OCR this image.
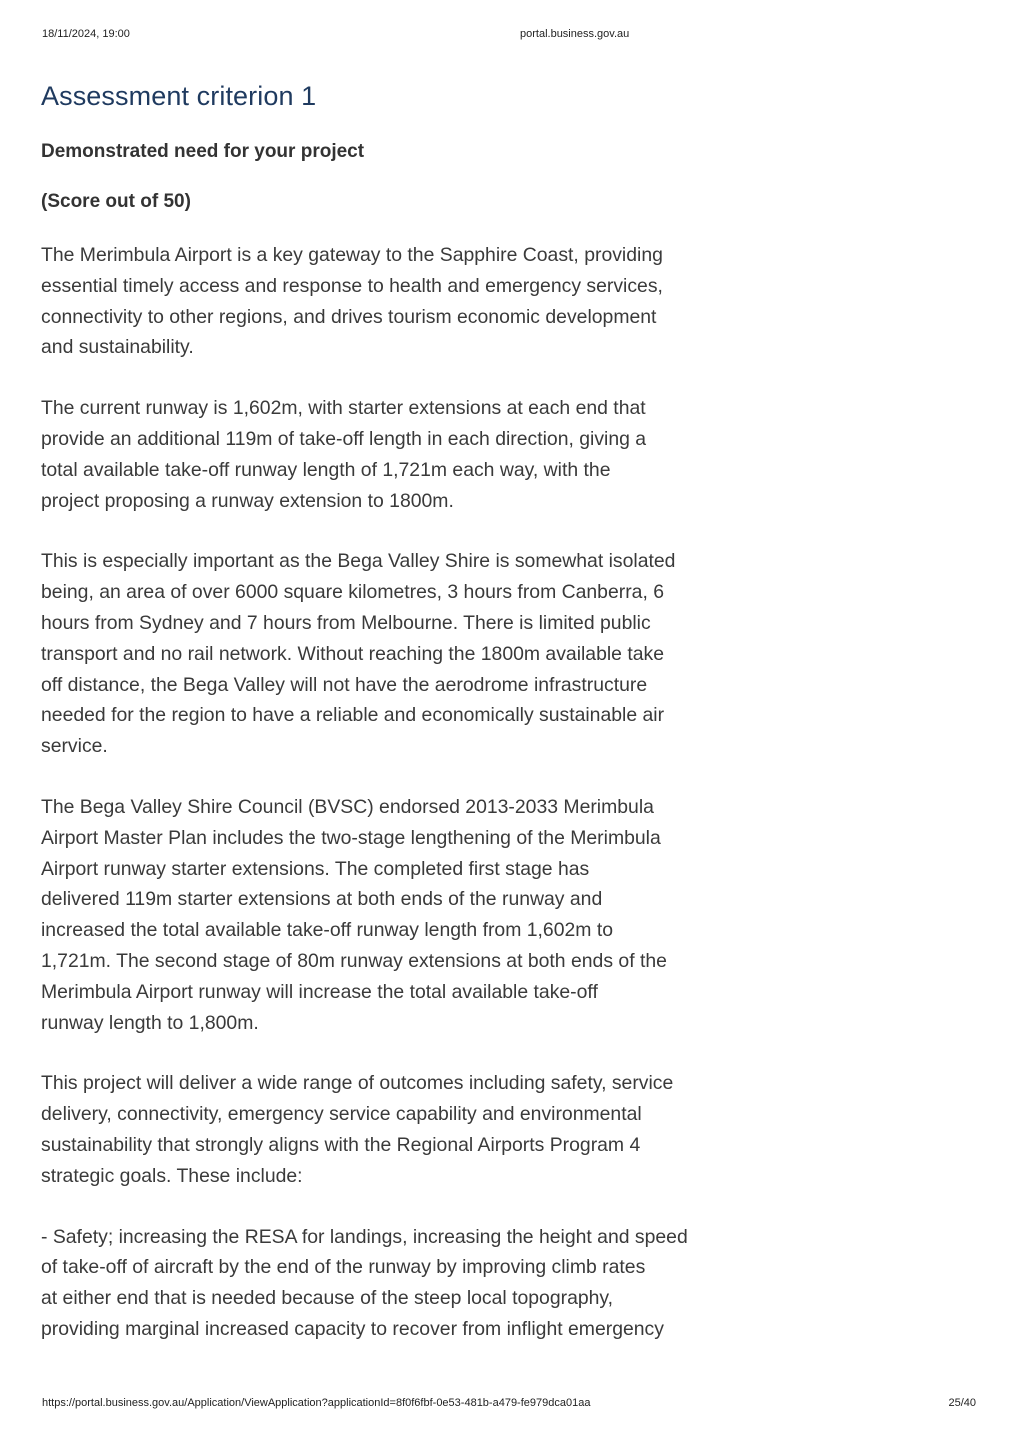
18/11/2024, 19:00	portal.business.gov.au
Assessment criterion 1

Demonstrated need for your project

(Score out of 50)

The Merimbula Airport is a key gateway to the Sapphire Coast, providing
essential timely access and response to health and emergency services,
connectivity to other regions, and drives tourism economic development
and sustainability.

The current runway is 1,602m, with starter extensions at each end that
provide an additional 119m of take-off length in each direction, giving a
total available take-off runway length of 1,721m each way, with the
project proposing a runway extension to 1800m.

This is especially important as the Bega Valley Shire is somewhat isolated
being, an area of over 6000 square kilometres, 3 hours from Canberra, 6
hours from Sydney and 7 hours from Melbourne. There is limited public
transport and no rail network. Without reaching the 1800m available take
off distance, the Bega Valley will not have the aerodrome infrastructure
needed for the region to have a reliable and economically sustainable air
service.

The Bega Valley Shire Council (BVSC) endorsed 2013-2033 Merimbula
Airport Master Plan includes the two-stage lengthening of the Merimbula
Airport runway starter extensions. The completed first stage has
delivered 119m starter extensions at both ends of the runway and
increased the total available take-off runway length from 1,602m to
1,721m. The second stage of 80m runway extensions at both ends of the
Merimbula Airport runway will increase the total available take-off
runway length to 1,800m.

This project will deliver a wide range of outcomes including safety, service
delivery, connectivity, emergency service capability and environmental
sustainability that strongly aligns with the Regional Airports Program 4
strategic goals. These include:

- Safety; increasing the RESA for landings, increasing the height and speed
of take-off of aircraft by the end of the runway by improving climb rates
at either end that is needed because of the steep local topography,
providing marginal increased capacity to recover from inflight emergency

https://portal.business.gov.au/Application/ViewApplication?applicationId=8f0f6fbf-0e53-481b-a479-fe979dca01aa	25/40
